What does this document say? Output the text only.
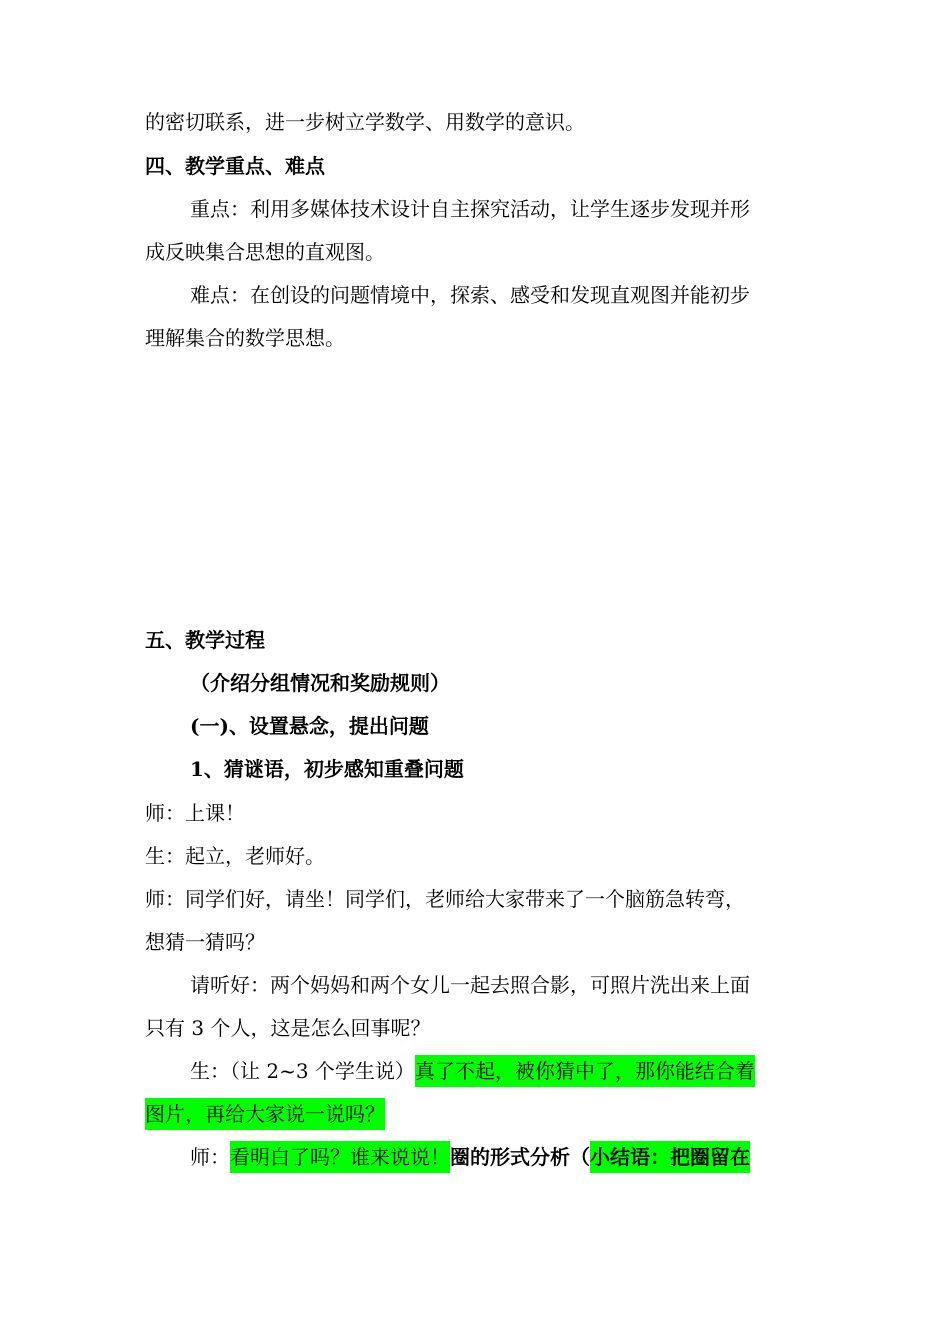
的密切联系，进一步树立学数学、用数学的意识。
四、教学重点、难点
重点：利用多媒体技术设计自主探究活动，让学生逐步发现并形
成反映集合思想的直观图。
难点：在创设的问题情境中，探索、感受和发现直观图并能初步
理解集合的数学思想。
五、教学过程
（介绍分组情况和奖励规则）
(一)、设置悬念，提出问题
1、猜谜语，初步感知重叠问题
师：上课！
生：起立，老师好。
师：同学们好，请坐！同学们，老师给大家带来了一个脑筋急转弯，
想猜一猜吗？
请听好：两个妈妈和两个女儿一起去照合影，可照片洗出来上面
只有 3 个人，这是怎么回事呢？
生：（让 2~3 个学生说）真了不起，被你猜中了，那你能结合着
图片，再给大家说一说吗？
师：看明白了吗？谁来说说！圈的形式分析（小结语：把圈留在
